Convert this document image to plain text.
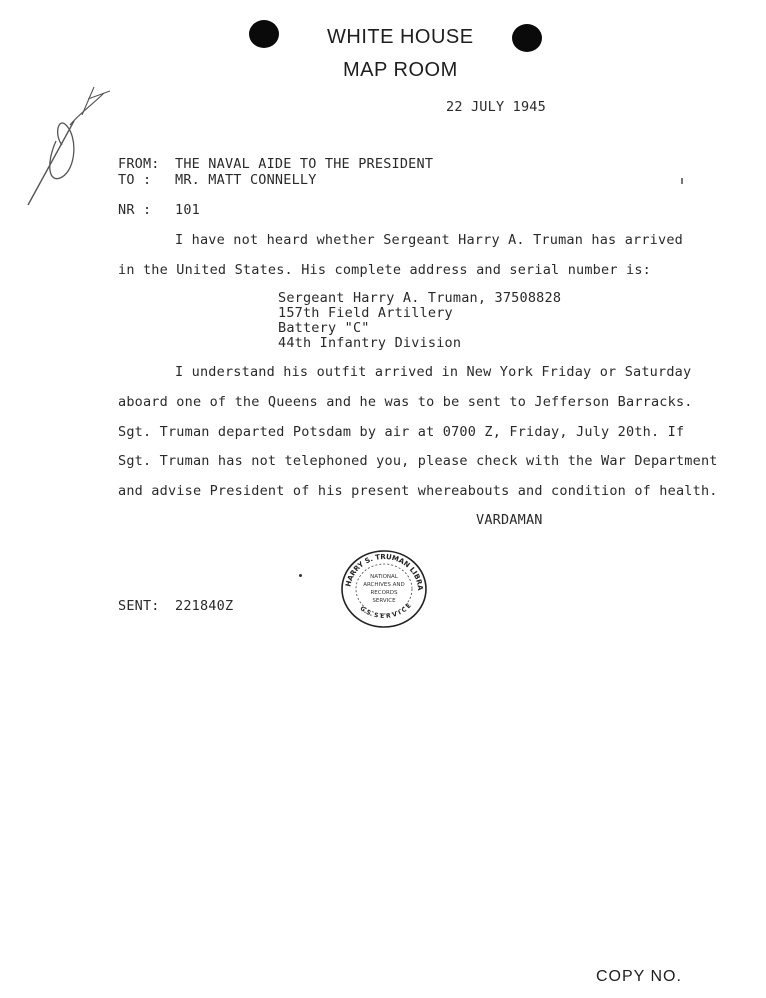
WHITE HOUSE
MAP ROOM
22 JULY 1945
FROM: THE NAVAL AIDE TO THE PRESIDENT
TO : MR. MATT CONNELLY
NR : 101
I have not heard whether Sergeant Harry A. Truman has arrived
in the United States. His complete address and serial number is:
Sergeant Harry A. Truman, 37508828
157th Field Artillery
Battery "C"
44th Infantry Division
I understand his outfit arrived in New York Friday or Saturday
aboard one of the Queens and he was to be sent to Jefferson Barracks.
Sgt. Truman departed Potsdam by air at 0700 Z, Friday, July 20th. If
Sgt. Truman has not telephoned you, please check with the War Department
and advise President of his present whereabouts and condition of health.
VARDAMAN
SENT: 221840Z
HARRY S. TRUMAN LIBRA
G.S. S E R V I C E
NATIONAL
ARCHIVES AND
RECORDS
SERVICE
COPY NO.
